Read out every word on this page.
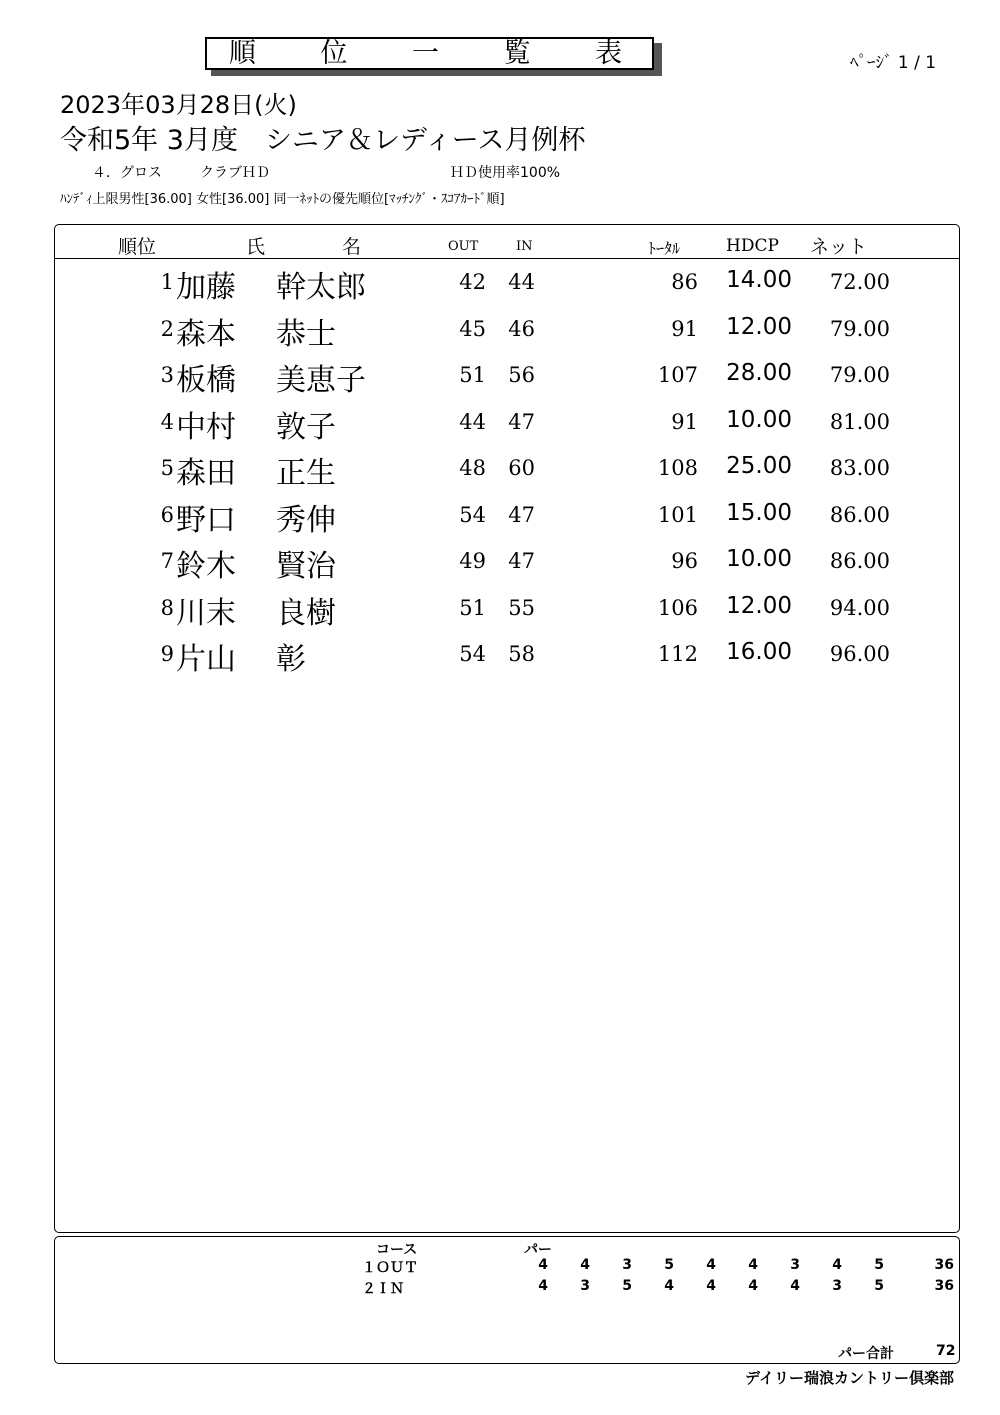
順 位 一 覧 表	ﾍﾟｰｼﾞ 1 / 1
2023年03月28日(火)
令和5年 3月度　シニア＆レディース月例杯
４．グロス	クラブＨＤ	ＨＤ使用率100%
ﾊﾝﾃﾞｨ上限男性[36.00] 女性[36.00] 同一ﾈｯﾄの優先順位[ﾏｯﾁﾝｸﾞ・ｽｺｱｶｰﾄﾞ順]
順位	氏	名	OUT	IN	ﾄｰﾀﾙ	HDCP ネット
1 加藤 幹太郎	42	44	86	14.00	72.00
2 森本 恭士	45	46	91	12.00	79.00
3 板橋 美恵子	51	56	107	28.00	79.00
4 中村 敦子	44	47	91	10.00	81.00
5 森田 正生	48	60	108	25.00	83.00
6 野口 秀伸	54	47	101	15.00	86.00
7 鈴木 賢治	49	47	96	10.00	86.00
8 川末 良樹	51	55	106	12.00	94.00
9 片山 彰	54	58	112	16.00	96.00
コース	パー
１ＯＵＴ	4	4	3	5	4	4	3	4	5	36
２ＩＮ	4	3	5	4	4	4	4	3	5	36
パー合計	72
デイリー瑞浪カントリー倶楽部
